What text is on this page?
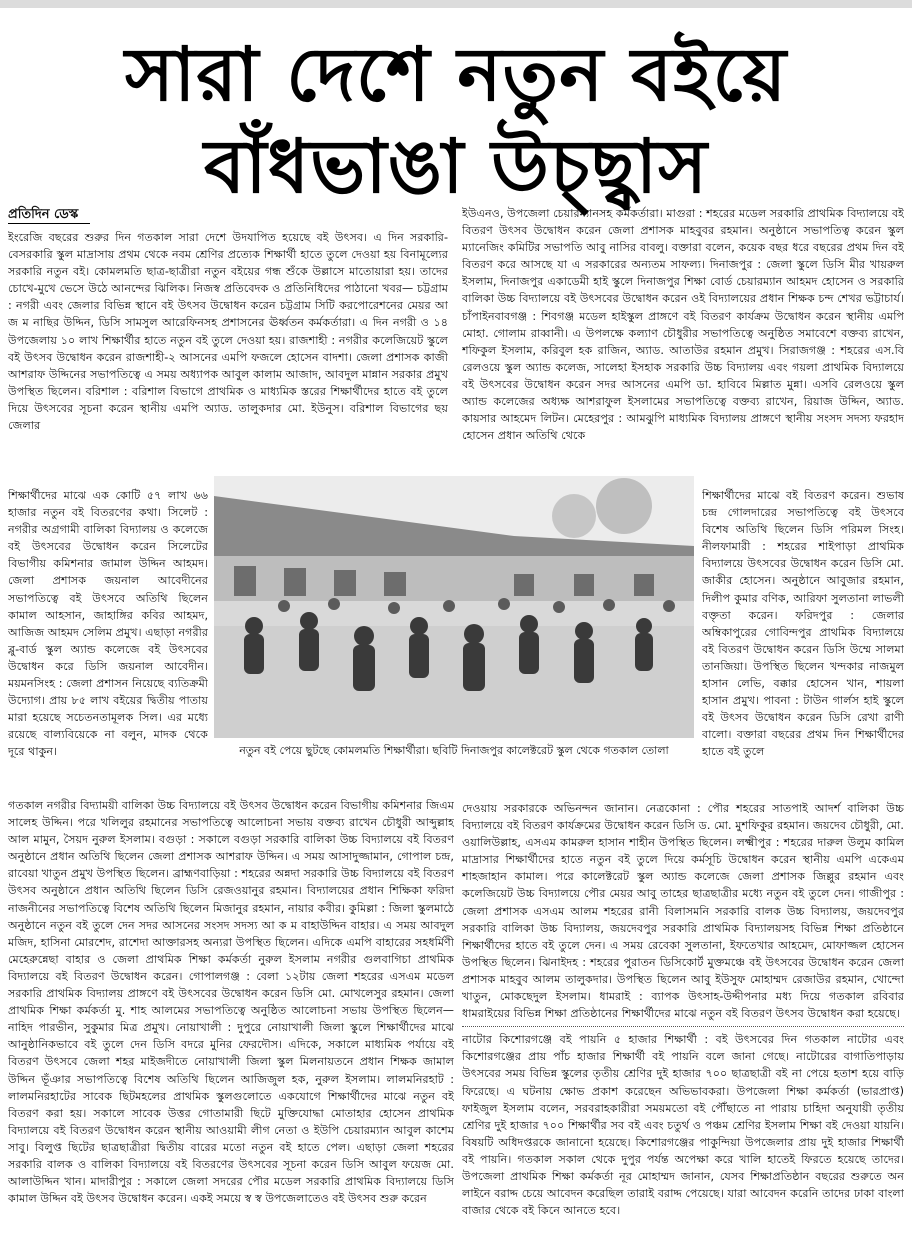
সারা দেশে নতুন বইয়ে
বাঁধভাঙা উচ্ছ্বাস
প্রতিদিন ডেস্ক

ইংরেজি বছরের শুরুর দিন গতকাল সারা দেশে উদযাপিত হয়েছে বই উৎসব। এ দিন সরকারি-বেসরকারি স্কুল মাদ্রাসায় প্রথম থেকে নবম শ্রেণির প্রত্যেক শিক্ষার্থী হাতে তুলে দেওয়া হয় বিনামূল্যের সরকারি নতুন বই। কোমলমতি ছাত্র-ছাত্রীরা নতুন বইয়ের গন্ধ শুঁকে উল্লাসে মাতোয়ারা হয়। তাদের চোখে-মুখে ভেসে উঠে আনন্দের ঝিলিক। নিজস্ব প্রতিবেদক ও প্রতিনিধিদের পাঠানো খবর— চট্টগ্রাম : নগরী এবং জেলার বিভিন্ন স্থানে বই উৎসব উদ্বোধন করেন চট্টগ্রাম সিটি করপোরেশনের মেয়র আ জ ম নাছির উদ্দিন, ডিসি সামসুল আরেফিনসহ প্রশাসনের ঊর্ধ্বতন কর্মকর্তারা। এ দিন নগরী ও ১৪ উপজেলায় ১০ লাখ শিক্ষার্থীর হাতে নতুন বই তুলে দেওয়া হয়। রাজশাহী : নগরীর কলেজিয়েট স্কুলে বই উৎসব উদ্বোধন করেন রাজশাহী-২ আসনের এমপি ফজলে হোসেন বাদশা। জেলা প্রশাসক কাজী আশরাফ উদ্দিনের সভাপতিত্বে এ সময় অধ্যাপক আবুল কালাম আজাদ, আবদুল মান্নান সরকার প্রমুখ উপস্থিত ছিলেন। বরিশাল : বরিশাল বিভাগে প্রাথমিক ও মাধ্যমিক স্তরের শিক্ষার্থীদের হাতে বই তুলে দিয়ে উৎসবের সূচনা করেন স্থানীয় এমপি অ্যাড. তালুকদার মো. ইউনুস। বরিশাল বিভাগের ছয় জেলার

ইউএনও, উপজেলা চেয়ারম্যানসহ কর্মকর্তারা। মাগুরা : শহরের মডেল সরকারি প্রাথমিক বিদ্যালয়ে বই বিতরণ উৎসব উদ্বোধন করেন জেলা প্রশাসক মাহবুবর রহমান। অনুষ্ঠানে সভাপতিত্ব করেন স্কুল ম্যানেজিং কমিটির সভাপতি আবু নাসির বাবলু। বক্তারা বলেন, কয়েক বছর ধরে বছরের প্রথম দিন বই বিতরণ করে আসছে যা এ সরকারের অন্যতম সাফল্য। দিনাজপুর : জেলা স্কুলে ডিসি মীর খায়রুল ইসলাম, দিনাজপুর একাডেমী হাই স্কুলে দিনাজপুর শিক্ষা বোর্ড চেয়ারম্যান আহমদ হোসেন ও সরকারি বালিকা উচ্চ বিদ্যালয়ে বই উৎসবের উদ্বোধন করেন ওই বিদ্যালয়ের প্রধান শিক্ষক চন্দ শেখর ভট্টাচার্য। চাঁপাইনবাবগঞ্জ : শিবগঞ্জ মডেল হাইস্কুল প্রাঙ্গণে বই বিতরণ কার্যক্রম উদ্বোধন করেন স্থানীয় এমপি মোহা. গোলাম রাব্বানী। এ উপলক্ষে কল্যাণ চৌধুরীর সভাপতিত্বে অনুষ্ঠিত সমাবেশে বক্তব্য রাখেন, শফিকুল ইসলাম, করিবুল হক রাজিন, অ্যাড. আতাউর রহমান প্রমুখ। সিরাজগঞ্জ : শহরের এস.বি রেলওয়ে স্কুল অ্যান্ড কলেজ, সালেহা ইসহাক সরকারি উচ্চ বিদ্যালয় এবং গয়লা প্রাথমিক বিদ্যালয়ে বই উৎসবের উদ্বোধন করেন সদর আসনের এমপি ডা. হাবিবে মিল্লাত মুন্না। এসবি রেলওয়ে স্কুল অ্যান্ড কলেজের অধ্যক্ষ আশরাফুল ইসলামের সভাপতিত্বে বক্তব্য রাখেন, রিয়াজ উদ্দিন, অ্যাড. কায়সার আহমেদ লিটন। মেহেরপুর : আমঝুপি মাধ্যমিক বিদ্যালয় প্রাঙ্গণে স্থানীয় সংসদ সদস্য ফরহাদ হোসেন প্রধান অতিথি থেকে

শিক্ষার্থীদের মাঝে এক কোটি ৫৭ লাখ ৬৬ হাজার নতুন বই বিতরণের কথা। সিলেট : নগরীর অগ্রগামী বালিকা বিদ্যালয় ও কলেজে বই উৎসবের উদ্বোধন করেন সিলেটের বিভাগীয় কমিশনার জামাল উদ্দিন আহমদ। জেলা প্রশাসক জয়নাল আবেদীনের সভাপতিত্বে বই উৎসবে অতিথি ছিলেন কামাল আহসান, জাহাঙ্গির কবির আহমদ, আজিজ আহমদ সেলিম প্রমুখ। এছাড়া নগরীর ব্লু-বার্ড স্কুল অ্যান্ড কলেজে বই উৎসবের উদ্বোধন করে ডিসি জয়নাল আবেদীন। ময়মনসিংহ : জেলা প্রশাসন নিয়েছে ব্যতিক্রমী উদ্যোগ। প্রায় ৮৫ লাখ বইয়ের দ্বিতীয় পাতায় মারা হয়েছে সচেতনতামূলক সিল। এর মধ্যে রয়েছে বাল্যবিয়েকে না বলুন, মাদক থেকে দূরে থাকুন।	নতুন বই পেয়ে ছুটছে কোমলমতি শিক্ষার্থীরা। ছবিটি দিনাজপুর কালেক্টরেট স্কুল থেকে গতকাল তোলা

শিক্ষার্থীদের মাঝে বই বিতরণ করেন। শুভাষ চন্দ্র গোলদারের সভাপতিত্বে বই উৎসবে বিশেষ অতিথি ছিলেন ডিসি পরিমল সিংহ। নীলফামারী : শহরের শাইপাড়া প্রাথমিক বিদ্যালয়ে উৎসবের উদ্বোধন করেন ডিসি মো. জাকীর হোসেন। অনুষ্ঠানে আবুজার রহমান, দিলীপ কুমার বণিক, আরিফা সুলতানা লাভলী বক্তৃতা করেন। ফরিদপুর : জেলার অম্বিকাপুরের গোবিন্দপুর প্রাথমিক বিদ্যালয়ে বই বিতরণ উদ্বোধন করেন ডিসি উম্মে সালমা তানজিয়া। উপস্থিত ছিলেন খন্দকার নাজমুল হাসান লেভি, বক্কার হোসেন খান, শায়লা হাসান প্রমুখ। পাবনা : টাউন গার্লস হাই স্কুলে বই উৎসব উদ্বোধন করেন ডিসি রেখা রাণী বালো। বক্তারা বছরের প্রথম দিন শিক্ষার্থীদের হাতে বই তুলে

গতকাল নগরীর বিদ্যাময়ী বালিকা উচ্চ বিদ্যালয়ে বই উৎসব উদ্বোধন করেন বিভাগীয় কমিশনার জিএম সালেহ উদ্দিন। পরে খলিলুর রহমানের সভাপতিত্বে আলোচনা সভায় বক্তব্য রাখেন চৌধুরী আব্দুল্লাহ আল মামুন, সৈয়দ নুরুল ইসলাম। বগুড়া : সকালে বগুড়া সরকারি বালিকা উচ্চ বিদ্যালয়ে বই বিতরণ অনুষ্ঠানে প্রধান অতিথি ছিলেন জেলা প্রশাসক আশরাফ উদ্দিন। এ সময় আসাদুজ্জামান, গোপাল চন্দ্র, রাবেয়া খাতুন প্রমুখ উপস্থিত ছিলেন। ব্রাহ্মণবাড়িয়া : শহরের অন্নদা সরকারি উচ্চ বিদ্যালয়ে বই বিতরণ উৎসব অনুষ্ঠানে প্রধান অতিথি ছিলেন ডিসি রেজওয়ানুর রহমান। বিদ্যালয়ের প্রধান শিক্ষিকা ফরিদা নাজনীনের সভাপতিত্বে বিশেষ অতিথি ছিলেন মিজানুর রহমান, নায়ার কবীর। কুমিল্লা : জিলা স্কুলমাঠে অনুষ্ঠানে নতুন বই তুলে দেন সদর আসনের সংসদ সদস্য আ ক ম বাহাউদ্দিন বাহার। এ সময় আবদুল মজিদ, হাসিনা মোরশেদ, রাশেদা আক্তারসহ অন্যরা উপস্থিত ছিলেন। এদিকে এমপি বাহারের সহধর্মিণী মেহেরুন্নেছা বাহার ও জেলা প্রাথমিক শিক্ষা কর্মকর্তা নুরুল ইসলাম নগরীর গুলবাগিচা প্রাথমিক বিদ্যালয়ে বই বিতরণ উদ্বোধন করেন। গোপালগঞ্জ : বেলা ১২টায় জেলা শহরের এসএম মডেল সরকারি প্রাথমিক বিদ্যালয় প্রাঙ্গণে বই উৎসবের উদ্বোধন করেন ডিসি মো. মোখলেসুর রহমান। জেলা প্রাথমিক শিক্ষা কর্মকর্তা মু. শাহ আলমের সভাপতিত্বে অনুষ্ঠিত আলোচনা সভায় উপস্থিত ছিলেন—নাহিদ পারভীন, সুকুমার মিত্র প্রমুখ। নোয়াখালী : দুপুরে নোয়াখালী জিলা স্কুলে শিক্ষার্থীদের মাঝে আনুষ্ঠানিকভাবে বই তুলে দেন ডিসি বদরে মুনির ফেরদৌস। এদিকে, সকালে মাধ্যমিক পর্যায়ে বই বিতরণ উৎসবে জেলা শহর মাইজদীতে নোয়াখালী জিলা স্কুল মিলনায়তনে প্রধান শিক্ষক জামাল উদ্দিন ভূঁঞার সভাপতিত্বে বিশেষ অতিথি ছিলেন আজিজুল হক, নুরুল ইসলাম। লালমনিরহাট : লালমনিরহাটের সাবেক ছিটমহলের প্রাথমিক স্কুলগুলোতে একযোগে শিক্ষার্থীদের মাঝে নতুন বই বিতরণ করা হয়। সকালে সাবেক উত্তর গোতামারী ছিটে মুক্তিযোদ্ধা মোতাহার হোসেন প্রাথমিক বিদ্যালয়ে বই বিতরণ উদ্বোধন করেন স্থানীয় আওয়ামী লীগ নেতা ও ইউপি চেয়ারম্যান আবুল কাশেম সাবু। বিলুপ্ত ছিটের ছাত্রছাত্রীরা দ্বিতীয় বারের মতো নতুন বই হাতে পেল। এছাড়া জেলা শহরের সরকারি বালক ও বালিকা বিদ্যালয়ে বই বিতরণের উৎসবের সূচনা করেন ডিসি আবুল ফয়েজ মো. আলাউদ্দিন খান। মাদারীপুর : সকালে জেলা সদরের পৌর মডেল সরকারি প্রাথমিক বিদ্যালয়ে ডিসি কামাল উদ্দিন বই উৎসব উদ্বোধন করেন। একই সময়ে স্ব স্ব উপজেলাতেও বই উৎসব শুরু করেন

দেওয়ায় সরকারকে অভিনন্দন জানান। নেত্রকোনা : পৌর শহরের সাতপাই আদর্শ বালিকা উচ্চ বিদ্যালয়ে বই বিতরণ কার্যক্রমের উদ্বোধন করেন ডিসি ড. মো. মুশফিকুর রহমান। জয়দেব চৌধুরী, মো. ওয়ালিউল্লাহ, এসএম কামরুল হাসান শাহীন উপস্থিত ছিলেন। লক্ষ্মীপুর : শহরের দারুল উলুম কামিল মাদ্রাসার শিক্ষার্থীদের হাতে নতুন বই তুলে দিয়ে কর্মসূচি উদ্বোধন করেন স্থানীয় এমপি একেএম শাহজাহান কামাল। পরে কালেক্টরেট স্কুল অ্যান্ড কলেজে জেলা প্রশাসক জিল্লুর রহমান এবং কলেজিয়েট উচ্চ বিদ্যালয়ে পৌর মেয়র আবু তাহের ছাত্রছাত্রীর মধ্যে নতুন বই তুলে দেন। গাজীপুর : জেলা প্রশাসক এসএম আলম শহরের রানী বিলাসমনি সরকারি বালক উচ্চ বিদ্যালয়, জয়দেবপুর সরকারি বালিকা উচ্চ বিদ্যালয়, জয়দেবপুর সরকারি প্রাথমিক বিদ্যালয়সহ বিভিন্ন শিক্ষা প্রতিষ্ঠানে শিক্ষার্থীদের হাতে বই তুলে দেন। এ সময় রেবেকা সুলতানা, ইফতেখার আহমেদ, মোফাজ্জল হোসেন উপস্থিত ছিলেন। ঝিনাইদহ : শহরের পুরাতন ডিসিকোর্ট মুক্তমঞ্চে বই উৎসবের উদ্বোধন করেন জেলা প্রশাসক মাহবুব আলম তালুকদার। উপস্থিত ছিলেন আবু ইউসুফ মোহাম্মদ রেজাউর রহমান, খোন্দো খাতুন, মোকছেদুল ইসলাম। ধামরাই : ব্যাপক উৎসাহ-উদ্দীপনার মধ্য দিয়ে গতকাল রবিবার ধামরাইয়ের বিভিন্ন শিক্ষা প্রতিষ্ঠানের শিক্ষার্থীদের মাঝে নতুন বই বিতরণ উৎসব উদ্বোধন করা হয়েছে।

নাটোর কিশোরগঞ্জে বই পায়নি ৫ হাজার শিক্ষার্থী : বই উৎসবের দিন গতকাল নাটোর এবং কিশোরগঞ্জের প্রায় পাঁচ হাজার শিক্ষার্থী বই পায়নি বলে জানা গেছে। নাটোরের বাগাতিপাড়ায় উৎসবের সময় বিভিন্ন স্কুলের তৃতীয় শ্রেণির দুই হাজার ৭০০ ছাত্রছাত্রী বই না পেয়ে হতাশ হয়ে বাড়ি ফিরেছে। এ ঘটনায় ক্ষোভ প্রকাশ করেছেন অভিভাবকরা। উপজেলা শিক্ষা কর্মকর্তা (ভারপ্রাপ্ত) ফাইজুল ইসলাম বলেন, সরবরাহকারীরা সময়মতো বই পৌঁছাতে না পারায় চাহিদা অনুযায়ী তৃতীয় শ্রেণির দুই হাজার ৭০০ শিক্ষার্থীর সব বই এবং চতুর্থ ও পঞ্চম শ্রেণির ইসলাম শিক্ষা বই দেওয়া যায়নি। বিষয়টি অধিদপ্তরকে জানানো হয়েছে। কিশোরগঞ্জের পাকুন্দিয়া উপজেলার প্রায় দুই হাজার শিক্ষার্থী বই পায়নি। গতকাল সকাল থেকে দুপুর পর্যন্ত অপেক্ষা করে খালি হাতেই ফিরতে হয়েছে তাদের। উপজেলা প্রাথমিক শিক্ষা কর্মকর্তা নূর মোহাম্মদ জানান, যেসব শিক্ষাপ্রতিষ্ঠান বছরের শুরুতে অন লাইনে বরাদ্দ চেয়ে আবেদন করেছিল তারাই বরাদ্দ পেয়েছে। যারা আবেদন করেনি তাদের ঢাকা বাংলা বাজার থেকে বই কিনে আনতে হবে।
